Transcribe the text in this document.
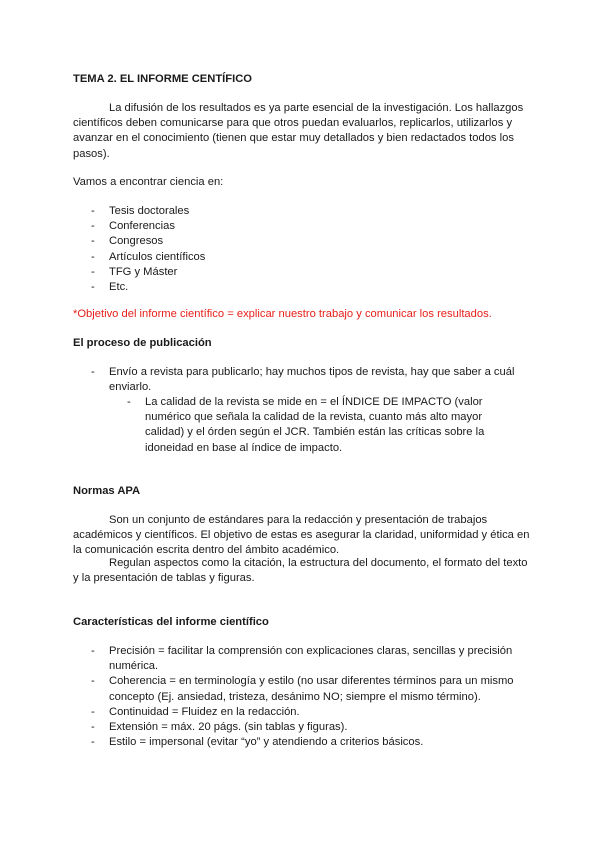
TEMA 2. EL INFORME CENTÍFICO

La difusión de los resultados es ya parte esencial de la investigación. Los hallazgos científicos deben comunicarse para que otros puedan evaluarlos, replicarlos, utilizarlos y avanzar en el conocimiento (tienen que estar muy detallados y bien redactados todos los pasos).

Vamos a encontrar ciencia en:

- Tesis doctorales
- Conferencias
- Congresos
- Artículos científicos
- TFG y Máster
- Etc.

*Objetivo del informe científico = explicar nuestro trabajo y comunicar los resultados.

El proceso de publicación

- Envío a revista para publicarlo; hay muchos tipos de revista, hay que saber a cuál enviarlo.
- La calidad de la revista se mide en = el ÍNDICE DE IMPACTO (valor numérico que señala la calidad de la revista, cuanto más alto mayor calidad) y el órden según el JCR. También están las críticas sobre la idoneidad en base al índice de impacto.

Normas APA

Son un conjunto de estándares para la redacción y presentación de trabajos académicos y científicos. El objetivo de estas es asegurar la claridad, uniformidad y ética en la comunicación escrita dentro del ámbito académico.

Regulan aspectos como la citación, la estructura del documento, el formato del texto y la presentación de tablas y figuras.

Características del informe científico

- Precisión = facilitar la comprensión con explicaciones claras, sencillas y precisión numérica.
- Coherencia = en terminología y estilo (no usar diferentes términos para un mismo concepto (Ej. ansiedad, tristeza, desánimo NO; siempre el mismo término).
- Continuidad = Fluidez en la redacción.
- Extensión = máx. 20 págs. (sin tablas y figuras).
- Estilo = impersonal (evitar “yo” y atendiendo a criterios básicos.
